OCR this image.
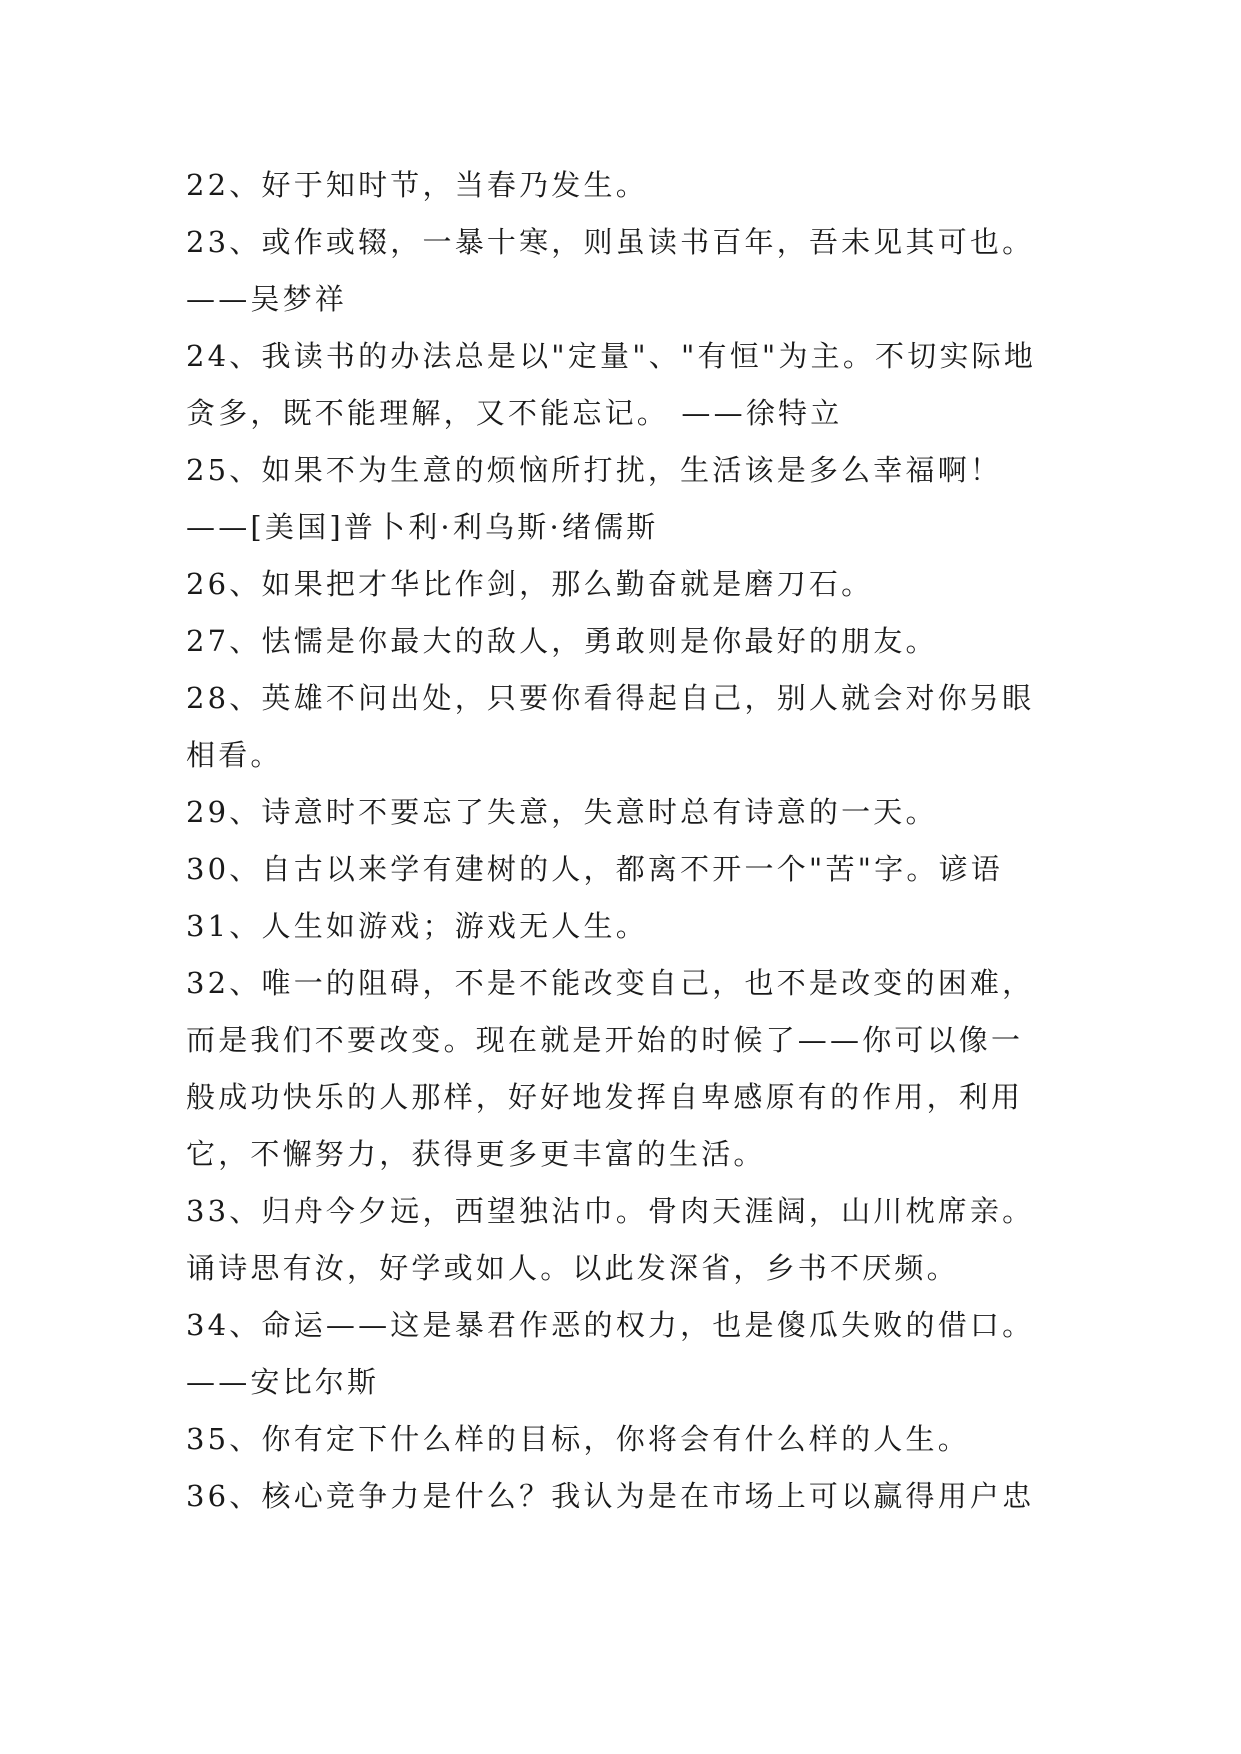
22、好于知时节，当春乃发生。
23、或作或辍，一暴十寒，则虽读书百年，吾未见其可也。
——吴梦祥
24、我读书的办法总是以"定量"、"有恒"为主。不切实际地
贪多，既不能理解，又不能忘记。 ——徐特立
25、如果不为生意的烦恼所打扰，生活该是多么幸福啊！
——[美国]普卜利·利乌斯·绪儒斯
26、如果把才华比作剑，那么勤奋就是磨刀石。
27、怯懦是你最大的敌人，勇敢则是你最好的朋友。
28、英雄不问出处，只要你看得起自己，别人就会对你另眼
相看。
29、诗意时不要忘了失意，失意时总有诗意的一天。
30、自古以来学有建树的人，都离不开一个"苦"字。谚语
31、人生如游戏；游戏无人生。
32、唯一的阻碍，不是不能改变自己，也不是改变的困难，
而是我们不要改变。现在就是开始的时候了——你可以像一
般成功快乐的人那样，好好地发挥自卑感原有的作用，利用
它，不懈努力，获得更多更丰富的生活。
33、归舟今夕远，西望独沾巾。骨肉天涯阔，山川枕席亲。
诵诗思有汝，好学或如人。以此发深省，乡书不厌频。
34、命运——这是暴君作恶的权力，也是傻瓜失败的借口。
——安比尔斯
35、你有定下什么样的目标，你将会有什么样的人生。
36、核心竞争力是什么？我认为是在市场上可以赢得用户忠
